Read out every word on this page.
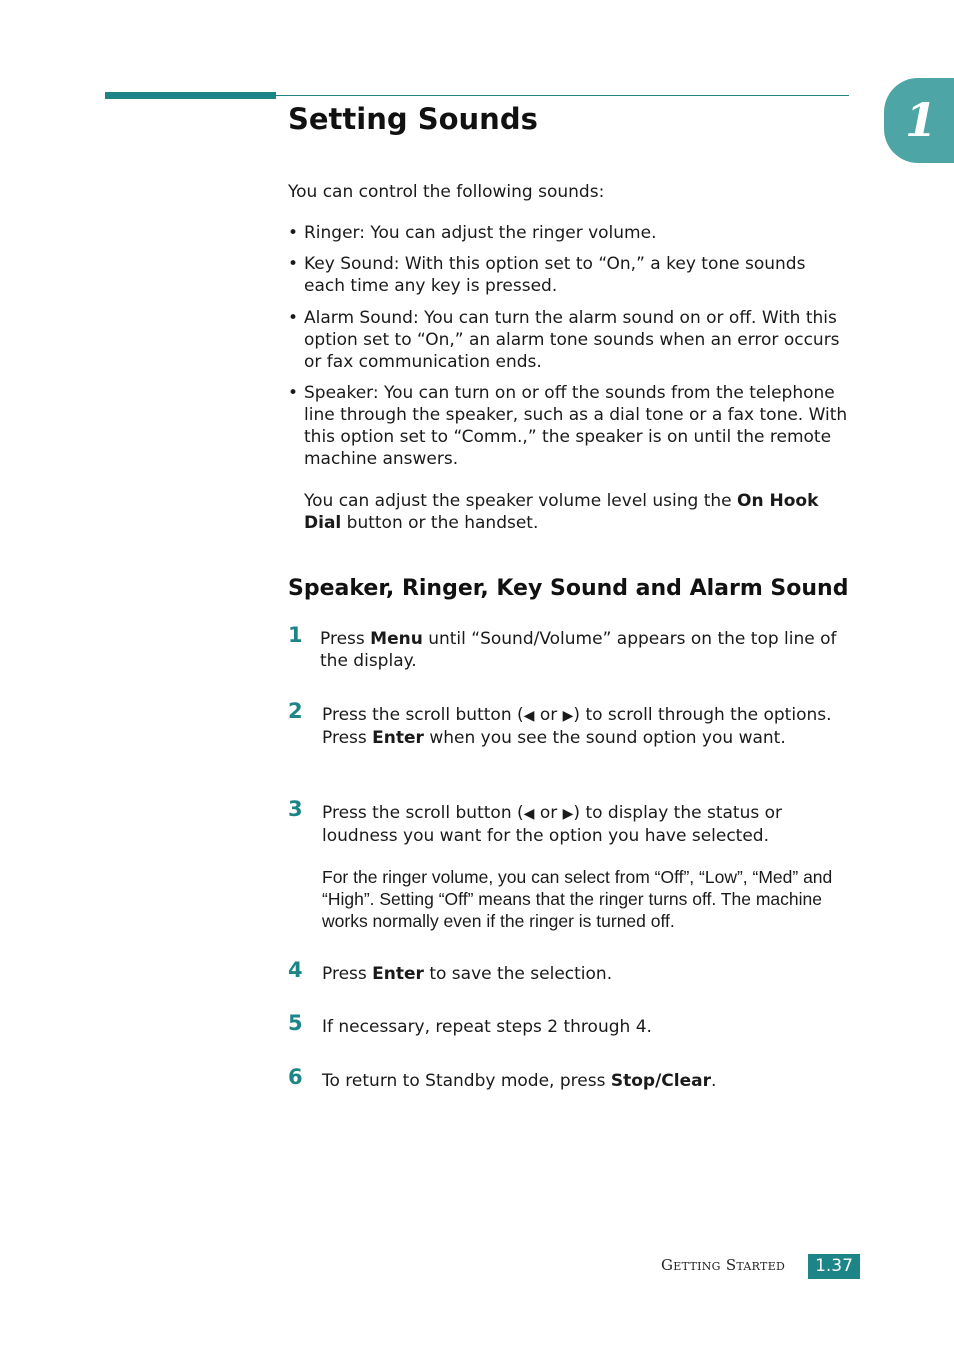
1
Setting Sounds

You can control the following sounds:

• Ringer: You can adjust the ringer volume.
• Key Sound: With this option set to “On,” a key tone sounds each time any key is pressed.
• Alarm Sound: You can turn the alarm sound on or off. With this option set to “On,” an alarm tone sounds when an error occurs or fax communication ends.
• Speaker: You can turn on or off the sounds from the telephone line through the speaker, such as a dial tone or a fax tone. With this option set to “Comm.,” the speaker is on until the remote machine answers.

You can adjust the speaker volume level using the On Hook Dial button or the handset.

Speaker, Ringer, Key Sound and Alarm Sound
1 Press Menu until “Sound/Volume” appears on the top line of the display.
2 Press the scroll button (◀ or ▶) to scroll through the options. Press Enter when you see the sound option you want.
3 Press the scroll button (◀ or ▶) to display the status or loudness you want for the option you have selected.

For the ringer volume, you can select from “Off”, “Low”, “Med” and “High”. Setting “Off” means that the ringer turns off. The machine works normally even if the ringer is turned off.

4 Press Enter to save the selection.
5 If necessary, repeat steps 2 through 4.
6 To return to Standby mode, press Stop/Clear.
Getting Started	1.37
